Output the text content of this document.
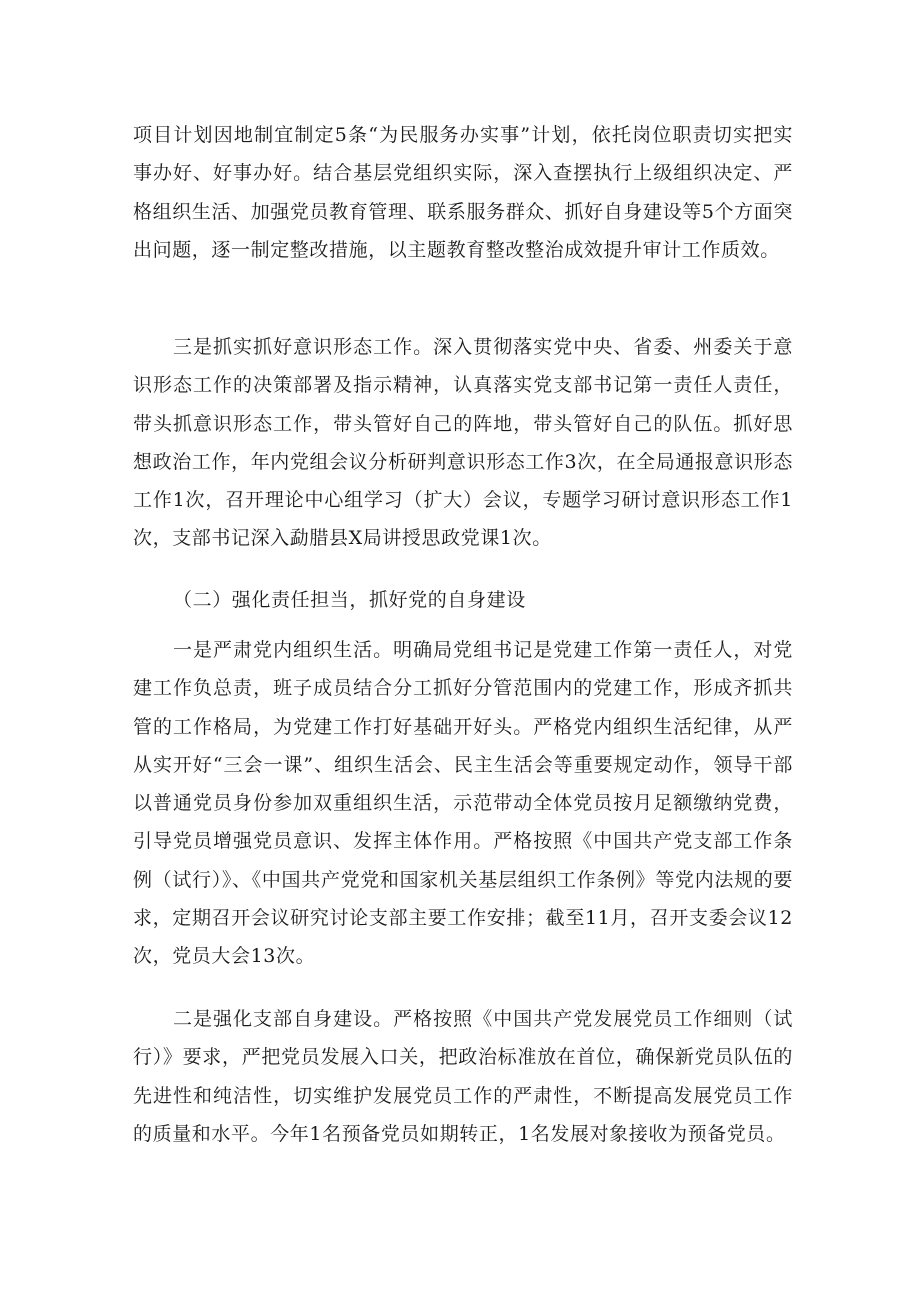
项目计划因地制宜制定5条“为民服务办实事”计划，依托岗位职责切实把实事办好、好事办好。结合基层党组织实际，深入查摆执行上级组织决定、严格组织生活、加强党员教育管理、联系服务群众、抓好自身建设等5个方面突出问题，逐一制定整改措施，以主题教育整改整治成效提升审计工作质效。

三是抓实抓好意识形态工作。深入贯彻落实党中央、省委、州委关于意识形态工作的决策部署及指示精神，认真落实党支部书记第一责任人责任，带头抓意识形态工作，带头管好自己的阵地，带头管好自己的队伍。抓好思想政治工作，年内党组会议分析研判意识形态工作3次，在全局通报意识形态工作1次，召开理论中心组学习（扩大）会议，专题学习研讨意识形态工作1次，支部书记深入勐腊县X局讲授思政党课1次。

（二）强化责任担当，抓好党的自身建设

一是严肃党内组织生活。明确局党组书记是党建工作第一责任人，对党建工作负总责，班子成员结合分工抓好分管范围内的党建工作，形成齐抓共管的工作格局，为党建工作打好基础开好头。严格党内组织生活纪律，从严从实开好“三会一课”、组织生活会、民主生活会等重要规定动作，领导干部以普通党员身份参加双重组织生活，示范带动全体党员按月足额缴纳党费，引导党员增强党员意识、发挥主体作用。严格按照《中国共产党支部工作条例（试行）》、《中国共产党党和国家机关基层组织工作条例》等党内法规的要求，定期召开会议研究讨论支部主要工作安排；截至11月，召开支委会议12次，党员大会13次。

二是强化支部自身建设。严格按照《中国共产党发展党员工作细则（试行）》要求，严把党员发展入口关，把政治标准放在首位，确保新党员队伍的先进性和纯洁性，切实维护发展党员工作的严肃性，不断提高发展党员工作的质量和水平。今年1名预备党员如期转正，1名发展对象接收为预备党员。
